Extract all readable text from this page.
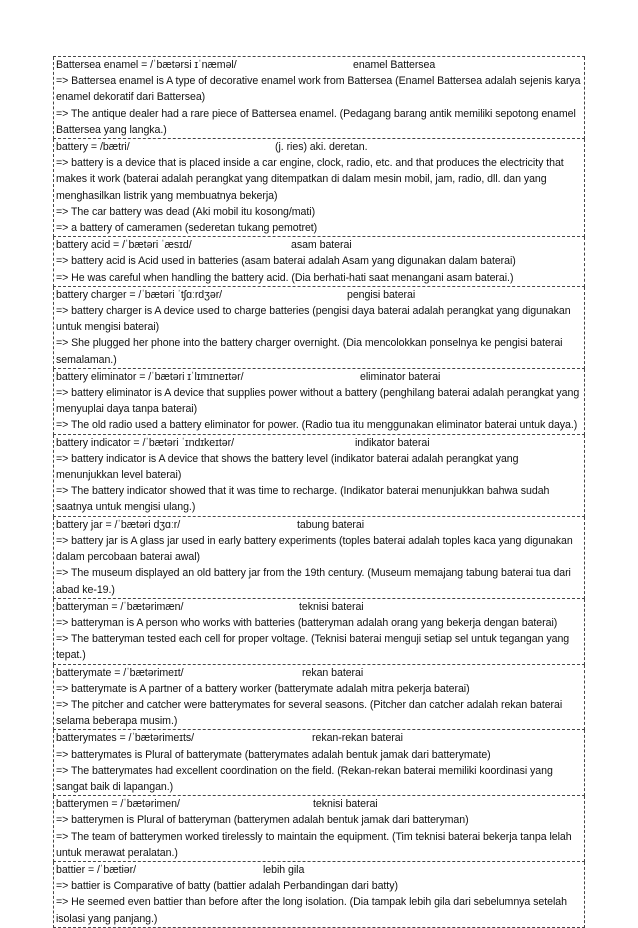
Battersea enamel = /ˈbætərsi ɪˈnæməl/	enamel Battersea
=> Battersea enamel is A type of decorative enamel work from Battersea (Enamel Battersea adalah sejenis karya enamel dekoratif dari Battersea)
=> The antique dealer had a rare piece of Battersea enamel. (Pedagang barang antik memiliki sepotong enamel Battersea yang langka.)
battery = /bætri/	(j. ries) aki. deretan.
=> battery is a device that is placed inside a car engine, clock, radio, etc. and that produces the electricity that makes it work (baterai adalah perangkat yang ditempatkan di dalam mesin mobil, jam, radio, dll. dan yang menghasilkan listrik yang membuatnya bekerja)
=> The car battery was dead (Aki mobil itu kosong/mati)
=> a battery of cameramen (sederetan tukang pemotret)
battery acid = /ˈbætəri ˈæsɪd/	asam baterai
=> battery acid is Acid used in batteries (asam baterai adalah Asam yang digunakan dalam baterai)
=> He was careful when handling the battery acid. (Dia berhati-hati saat menangani asam baterai.)
battery charger = /ˈbætəri ˈtʃɑːrdʒər/	pengisi baterai
=> battery charger is A device used to charge batteries (pengisi daya baterai adalah perangkat yang digunakan untuk mengisi baterai)
=> She plugged her phone into the battery charger overnight. (Dia mencolokkan ponselnya ke pengisi baterai semalaman.)
battery eliminator = /ˈbætəri ɪˈlɪmɪneɪtər/	eliminator baterai
=> battery eliminator is A device that supplies power without a battery (penghilang baterai adalah perangkat yang menyuplai daya tanpa baterai)
=> The old radio used a battery eliminator for power. (Radio tua itu menggunakan eliminator baterai untuk daya.)
battery indicator = /ˈbætəri ˈɪndɪkeɪtər/	indikator baterai
=> battery indicator is A device that shows the battery level (indikator baterai adalah perangkat yang menunjukkan level baterai)
=> The battery indicator showed that it was time to recharge. (Indikator baterai menunjukkan bahwa sudah saatnya untuk mengisi ulang.)
battery jar = /ˈbætəri dʒɑːr/	tabung baterai
=> battery jar is A glass jar used in early battery experiments (toples baterai adalah toples kaca yang digunakan dalam percobaan baterai awal)
=> The museum displayed an old battery jar from the 19th century. (Museum memajang tabung baterai tua dari abad ke-19.)
batteryman = /ˈbætərimæn/	teknisi baterai
=> batteryman is A person who works with batteries (batteryman adalah orang yang bekerja dengan baterai)
=> The batteryman tested each cell for proper voltage. (Teknisi baterai menguji setiap sel untuk tegangan yang tepat.)
batterymate = /ˈbætərimeɪt/	rekan baterai
=> batterymate is A partner of a battery worker (batterymate adalah mitra pekerja baterai)
=> The pitcher and catcher were batterymates for several seasons. (Pitcher dan catcher adalah rekan baterai selama beberapa musim.)
batterymates = /ˈbætərimeɪts/	rekan-rekan baterai
=> batterymates is Plural of batterymate (batterymates adalah bentuk jamak dari batterymate)
=> The batterymates had excellent coordination on the field. (Rekan-rekan baterai memiliki koordinasi yang sangat baik di lapangan.)
batterymen = /ˈbætərimen/	teknisi baterai
=> batterymen is Plural of batteryman (batterymen adalah bentuk jamak dari batteryman)
=> The team of batterymen worked tirelessly to maintain the equipment. (Tim teknisi baterai bekerja tanpa lelah untuk merawat peralatan.)
battier = /ˈbætiər/	lebih gila
=> battier is Comparative of batty (battier adalah Perbandingan dari batty)
=> He seemed even battier than before after the long isolation. (Dia tampak lebih gila dari sebelumnya setelah isolasi yang panjang.)
